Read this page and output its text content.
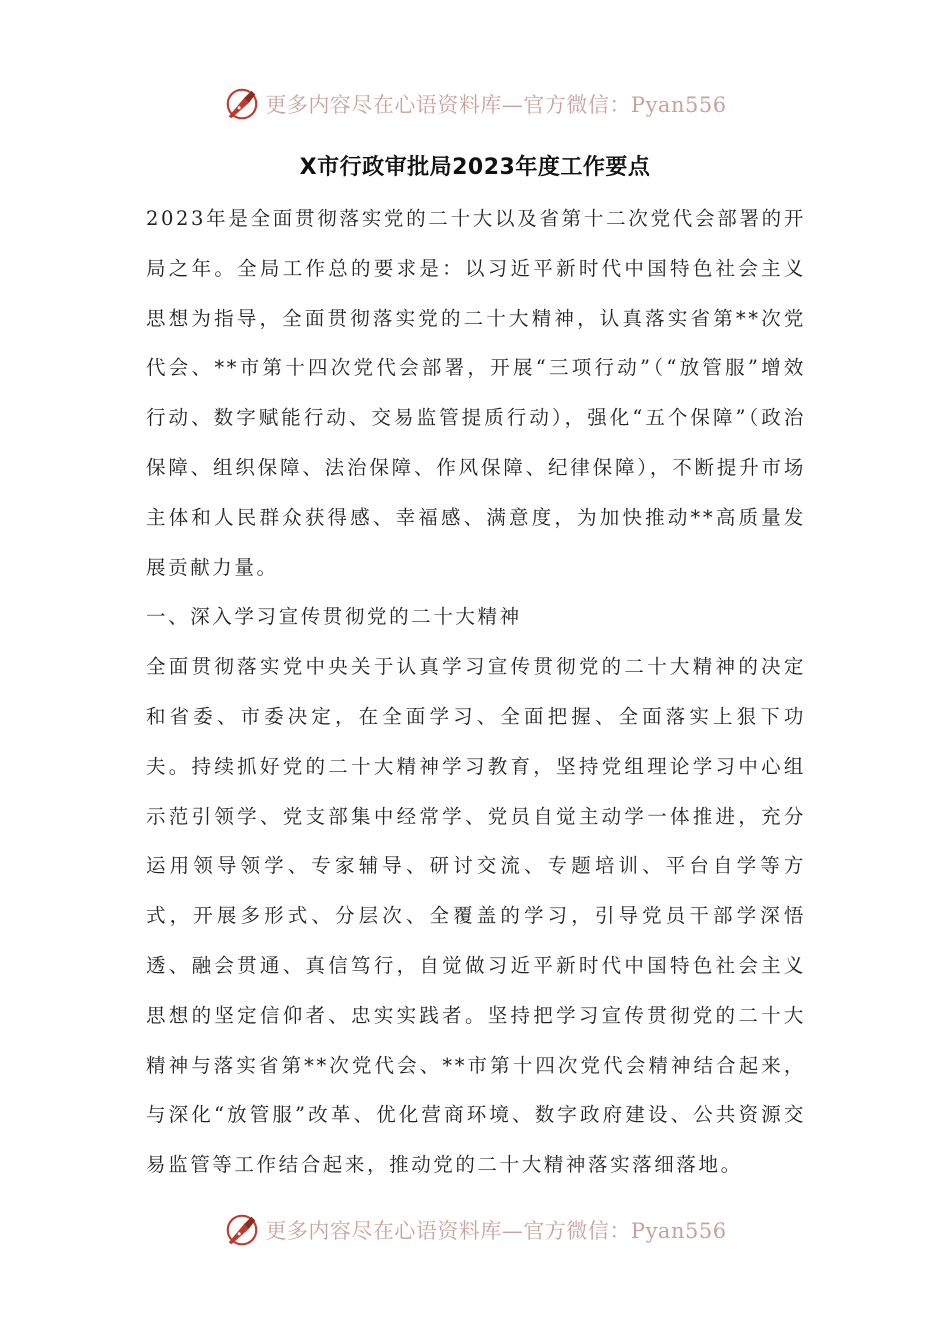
更多内容尽在心语资料库—官方微信：Pyan556
X市行政审批局2023年度工作要点

2023年是全面贯彻落实党的二十大以及省第十二次党代会部署的开局之年。全局工作总的要求是：以习近平新时代中国特色社会主义思想为指导，全面贯彻落实党的二十大精神，认真落实省第**次党代会、**市第十四次党代会部署，开展“三项行动”（“放管服”增效行动、数字赋能行动、交易监管提质行动），强化“五个保障”（政治保障、组织保障、法治保障、作风保障、纪律保障），不断提升市场主体和人民群众获得感、幸福感、满意度，为加快推动**高质量发展贡献力量。

一、深入学习宣传贯彻党的二十大精神

全面贯彻落实党中央关于认真学习宣传贯彻党的二十大精神的决定和省委、市委决定，在全面学习、全面把握、全面落实上狠下功夫。持续抓好党的二十大精神学习教育，坚持党组理论学习中心组示范引领学、党支部集中经常学、党员自觉主动学一体推进，充分运用领导领学、专家辅导、研讨交流、专题培训、平台自学等方式，开展多形式、分层次、全覆盖的学习，引导党员干部学深悟透、融会贯通、真信笃行，自觉做习近平新时代中国特色社会主义思想的坚定信仰者、忠实实践者。坚持把学习宣传贯彻党的二十大精神与落实省第**次党代会、**市第十四次党代会精神结合起来，与深化“放管服”改革、优化营商环境、数字政府建设、公共资源交易监管等工作结合起来，推动党的二十大精神落实落细落地。

更多内容尽在心语资料库—官方微信：Pyan556
